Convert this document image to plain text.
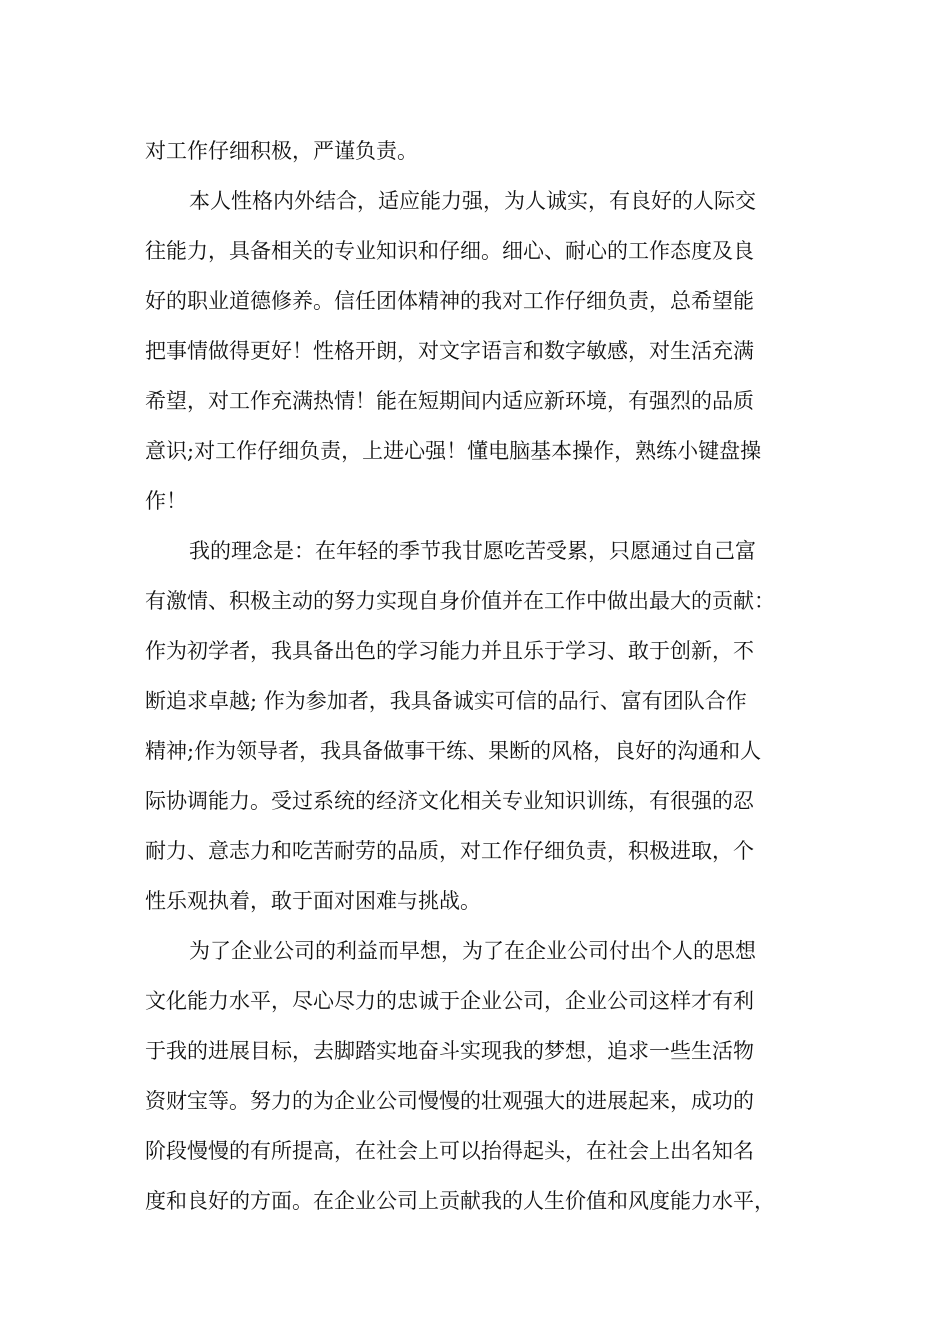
对工作仔细积极，严谨负责。
本人性格内外结合，适应能力强，为人诚实，有良好的人际交
往能力，具备相关的专业知识和仔细。细心、耐心的工作态度及良
好的职业道德修养。信任团体精神的我对工作仔细负责，总希望能
把事情做得更好！性格开朗，对文字语言和数字敏感，对生活充满
希望，对工作充满热情！能在短期间内适应新环境，有强烈的品质
意识;对工作仔细负责，上进心强！懂电脑基本操作，熟练小键盘操
作！
我的理念是：在年轻的季节我甘愿吃苦受累，只愿通过自己富
有激情、积极主动的努力实现自身价值并在工作中做出最大的贡献：
作为初学者，我具备出色的学习能力并且乐于学习、敢于创新，不
断追求卓越; 作为参加者，我具备诚实可信的品行、富有团队合作
精神;作为领导者，我具备做事干练、果断的风格，良好的沟通和人
际协调能力。受过系统的经济文化相关专业知识训练，有很强的忍
耐力、意志力和吃苦耐劳的品质，对工作仔细负责，积极进取，个
性乐观执着，敢于面对困难与挑战。
为了企业公司的利益而早想，为了在企业公司付出个人的思想
文化能力水平，尽心尽力的忠诚于企业公司，企业公司这样才有利
于我的进展目标，去脚踏实地奋斗实现我的梦想，追求一些生活物
资财宝等。努力的为企业公司慢慢的壮观强大的进展起来，成功的
阶段慢慢的有所提高，在社会上可以抬得起头，在社会上出名知名
度和良好的方面。在企业公司上贡献我的人生价值和风度能力水平，
